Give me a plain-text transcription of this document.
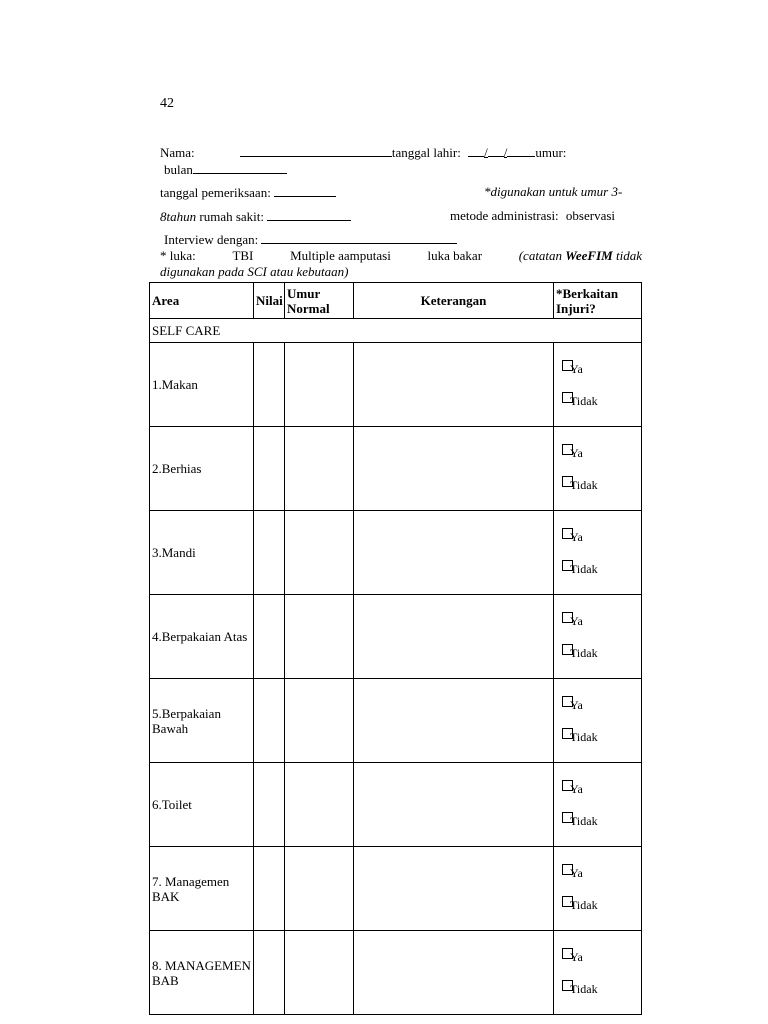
42
Nama:	tanggal lahir: / / umur:
bulan
tanggal pemeriksaan:	*digunakan untuk umur 3-
8tahun rumah sakit:	metode administrasi: observasi
Interview dengan:
* luka:	TBI	Multiple aamputasi	luka bakar	(catatan WeeFIM tidak
digunakan pada SCI atau kebutaan)
Area	Nilai	Umur Normal	Keterangan	*Berkaitan Injuri?
SELF CARE				
1.Makan				Ya
Tidak

2.Berhias				Ya
Tidak

3.Mandi				Ya
Tidak

4.Berpakaian Atas				Ya
Tidak

5.Berpakaian Bawah				Ya
Tidak

6.Toilet				Ya
Tidak

7. Managemen BAK				Ya
Tidak

8. MANAGEMEN BAB				Ya
Tidak
